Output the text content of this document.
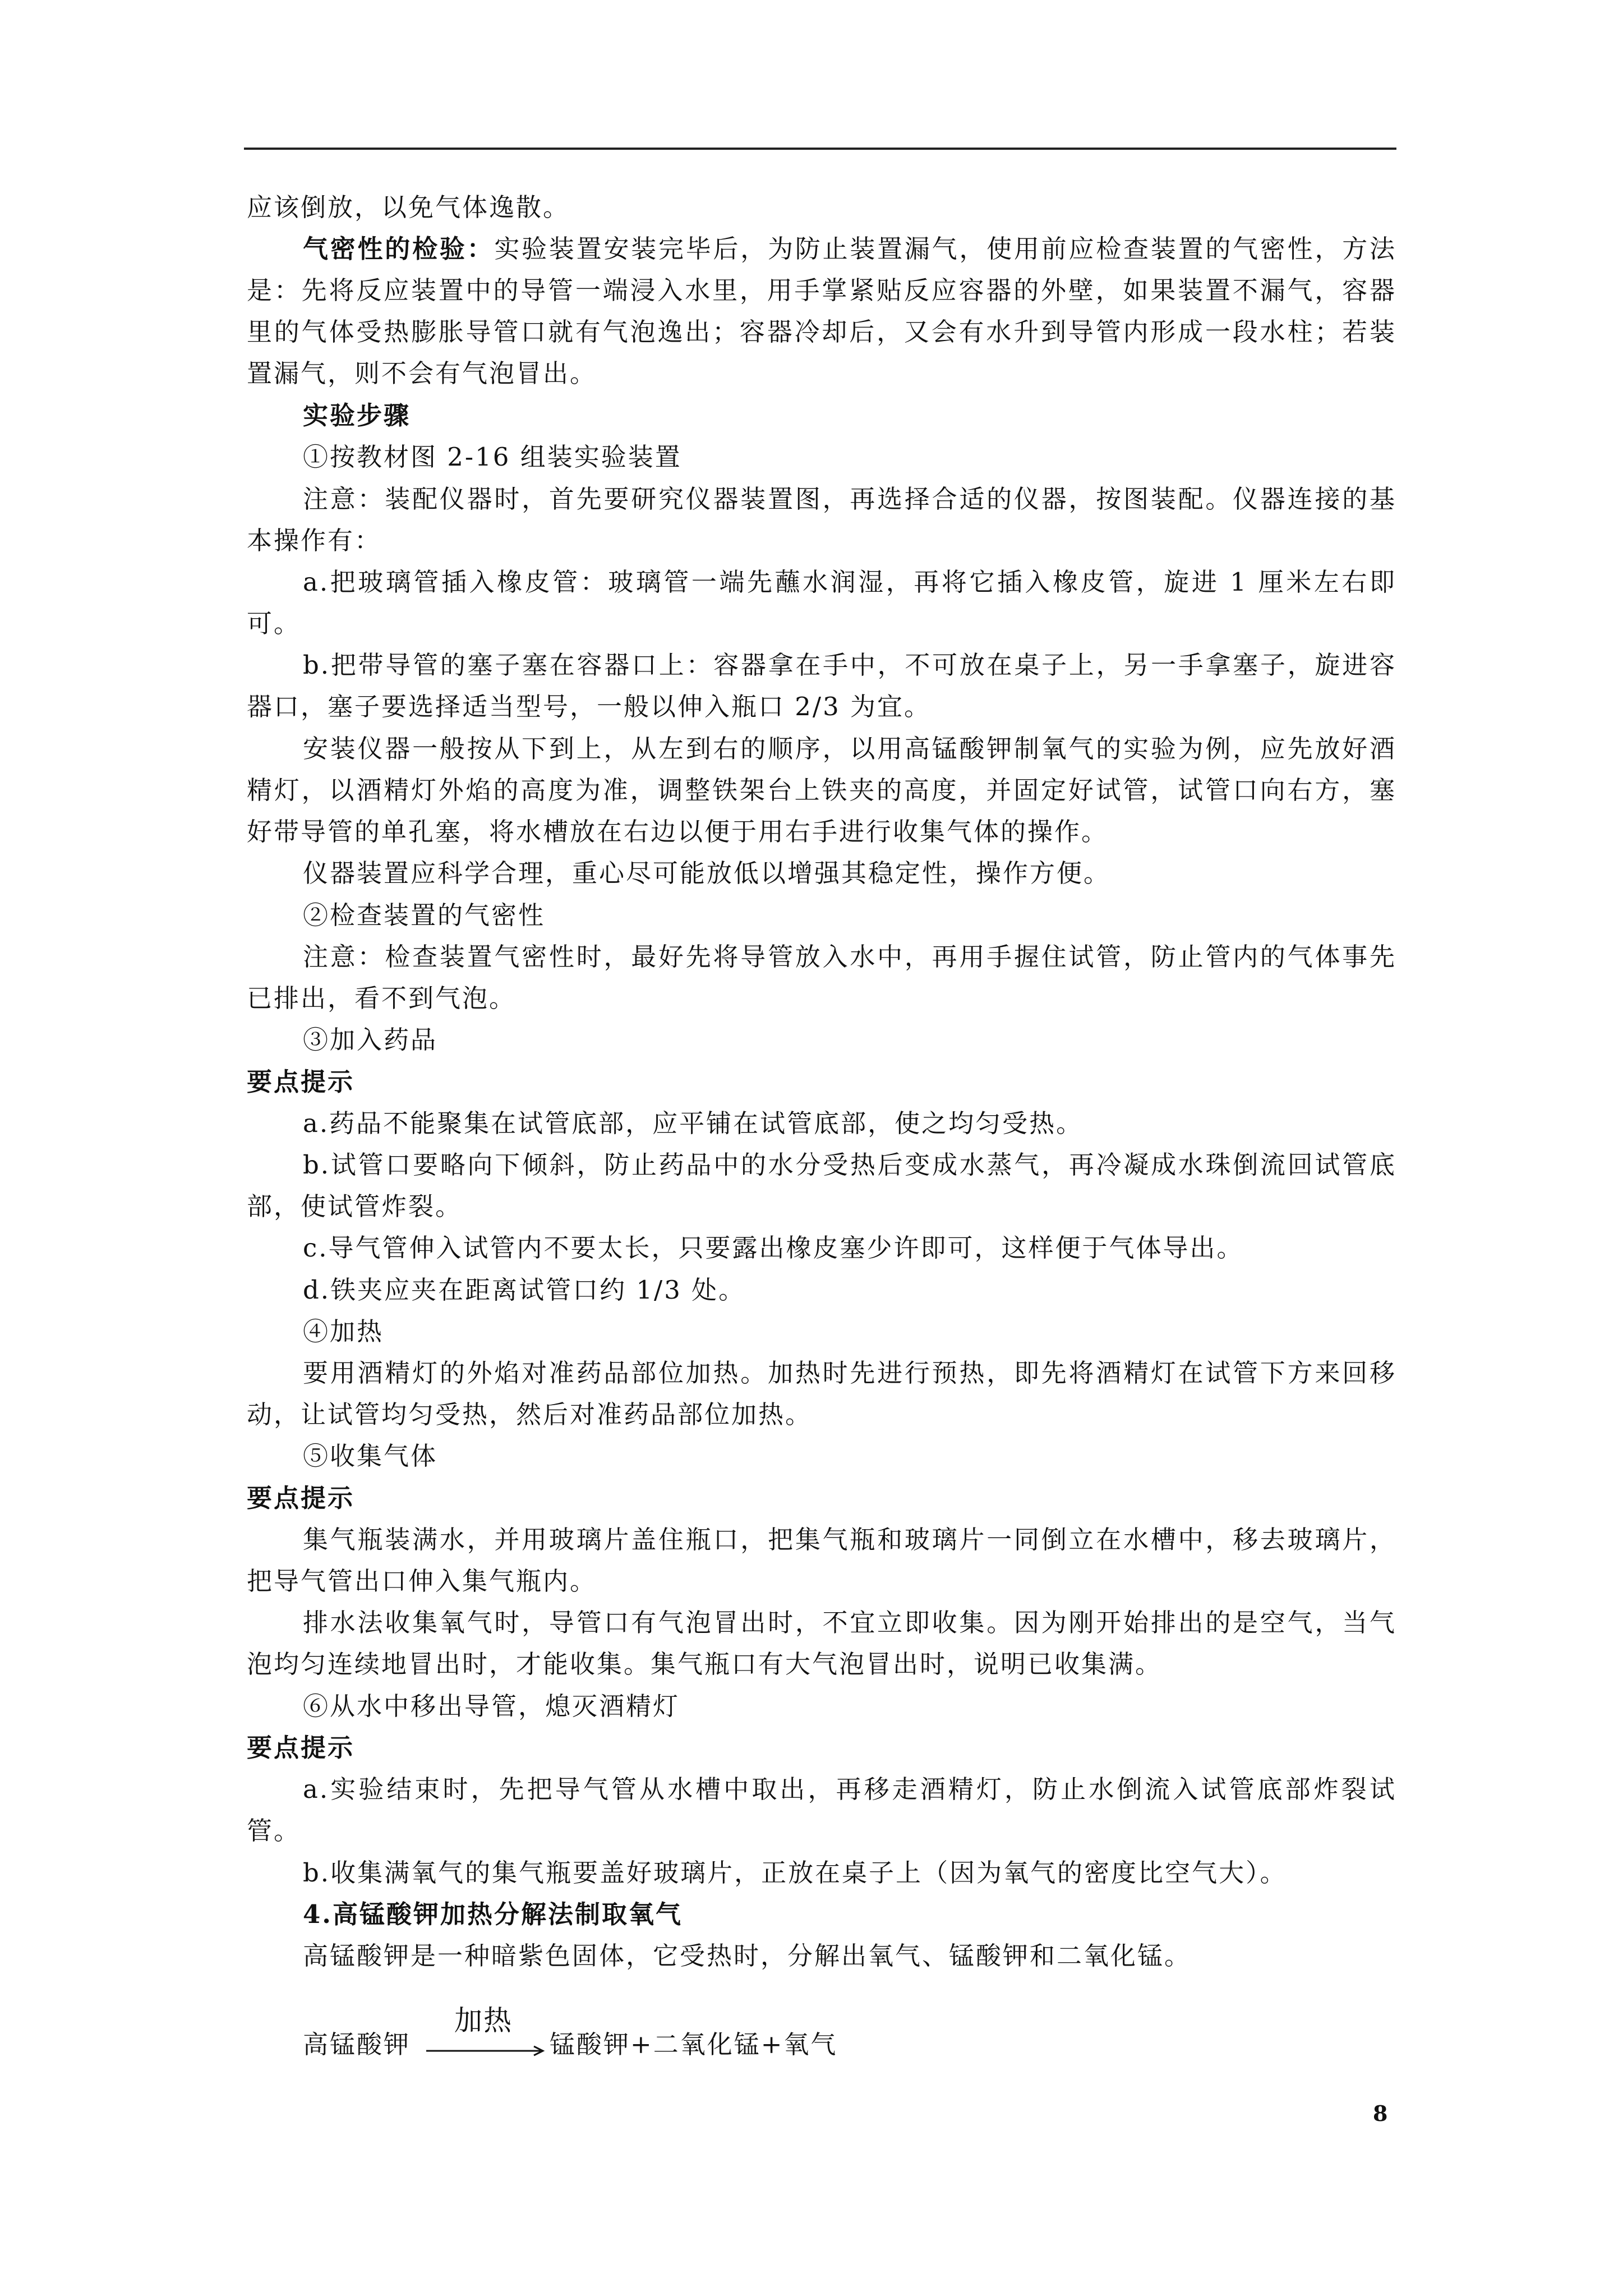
应该倒放，以免气体逸散。

气密性的检验：实验装置安装完毕后，为防止装置漏气，使用前应检查装置的气密性，方法是：先将反应装置中的导管一端浸入水里，用手掌紧贴反应容器的外壁，如果装置不漏气，容器里的气体受热膨胀导管口就有气泡逸出；容器冷却后，又会有水升到导管内形成一段水柱；若装置漏气，则不会有气泡冒出。

实验步骤

①按教材图 2-16 组装实验装置

注意：装配仪器时，首先要研究仪器装置图，再选择合适的仪器，按图装配。仪器连接的基本操作有：

a.把玻璃管插入橡皮管：玻璃管一端先蘸水润湿，再将它插入橡皮管，旋进 1 厘米左右即可。

b.把带导管的塞子塞在容器口上：容器拿在手中，不可放在桌子上，另一手拿塞子，旋进容器口，塞子要选择适当型号，一般以伸入瓶口 2/3 为宜。

安装仪器一般按从下到上，从左到右的顺序，以用高锰酸钾制氧气的实验为例，应先放好酒精灯，以酒精灯外焰的高度为准，调整铁架台上铁夹的高度，并固定好试管，试管口向右方，塞好带导管的单孔塞，将水槽放在右边以便于用右手进行收集气体的操作。

仪器装置应科学合理，重心尽可能放低以增强其稳定性，操作方便。

②检查装置的气密性

注意：检查装置气密性时，最好先将导管放入水中，再用手握住试管，防止管内的气体事先已排出，看不到气泡。

③加入药品

要点提示

a.药品不能聚集在试管底部，应平铺在试管底部，使之均匀受热。

b.试管口要略向下倾斜，防止药品中的水分受热后变成水蒸气，再冷凝成水珠倒流回试管底部，使试管炸裂。

c.导气管伸入试管内不要太长，只要露出橡皮塞少许即可，这样便于气体导出。

d.铁夹应夹在距离试管口约 1/3 处。

④加热

要用酒精灯的外焰对准药品部位加热。加热时先进行预热，即先将酒精灯在试管下方来回移动，让试管均匀受热，然后对准药品部位加热。

⑤收集气体

要点提示

集气瓶装满水，并用玻璃片盖住瓶口，把集气瓶和玻璃片一同倒立在水槽中，移去玻璃片，把导气管出口伸入集气瓶内。

排水法收集氧气时，导管口有气泡冒出时，不宜立即收集。因为刚开始排出的是空气，当气泡均匀连续地冒出时，才能收集。集气瓶口有大气泡冒出时，说明已收集满。

⑥从水中移出导管，熄灭酒精灯

要点提示

a.实验结束时，先把导气管从水槽中取出，再移走酒精灯，防止水倒流入试管底部炸裂试管。

b.收集满氧气的集气瓶要盖好玻璃片，正放在桌子上（因为氧气的密度比空气大）。

4.高锰酸钾加热分解法制取氧气

高锰酸钾是一种暗紫色固体，它受热时，分解出氧气、锰酸钾和二氧化锰。

高锰酸钾
加热
锰酸钾+二氧化锰+氧气
8
